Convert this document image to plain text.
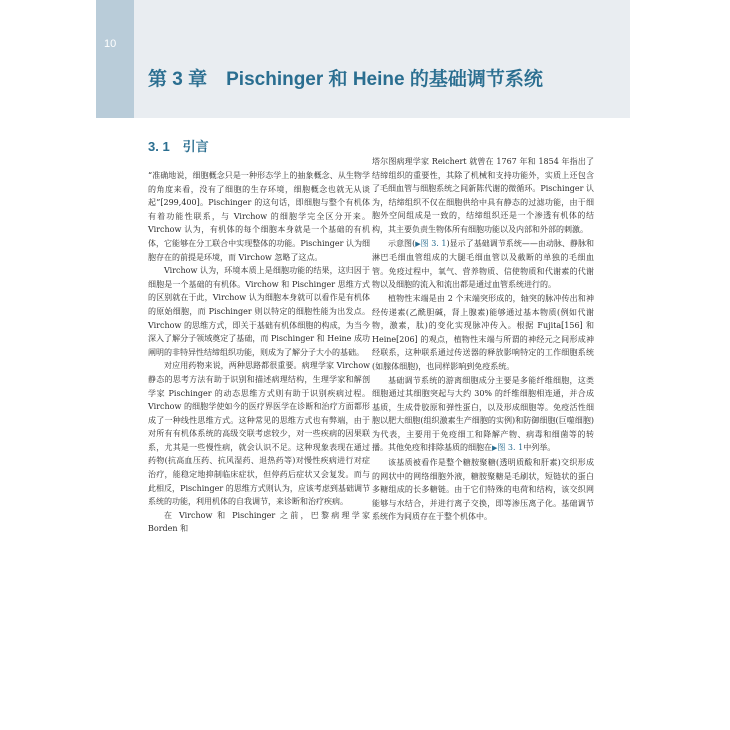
10
第 3 章　Pischinger 和 Heine 的基础调节系统
3. 1　引言

“准确地说，细胞概念只是一种形态学上的抽象概念、从生物学的角度来看，没有了细胞的生存环境，细胞概念也就无从谈起”[299,400]。Pischinger 的这句话，即细胞与整个有机体有着功能性联系，与 Virchow 的细胞学完全区分开来。Virchow 认为，有机体的每个细胞本身就是一个基础的有机体，它能够在分工联合中实现整体的功能。Pischinger 认为细胞存在的前提是环境，而 Virchow 忽略了这点。

Virchow 认为，环境本质上是细胞功能的结果，这归因于细胞是一个基础的有机体。Virchow 和 Pischinger 思维方式的区别就在于此，Virchow 认为细胞本身就可以看作是有机体的原始细胞，而 Pischinger 则以特定的细胞性能为出发点。Virchow 的思维方式，即关于基础有机体细胞的构成，为当今深入了解分子领域奠定了基础，而 Pischinger 和 Heine 成功阐明的非特异性结缔组织功能，则成为了解分子大小的基础。

对应用药物来说，两种思路都很重要。病理学家 Virchow 静态的思考方法有助于识别和描述病理结构，生理学家和解剖学家 Pischinger 的动态思维方式则有助于识别疾病过程。Virchow 的细胞学使如今的医疗界医学在诊断和治疗方面都形成了一种线性思维方式。这种常见的思维方式也有弊端，由于对所有有机体系统的高级交联考虑较少，对一些疾病的因果联系，尤其是一些慢性病，就会认识不足。这种现象表现在通过药物(抗高血压药、抗风湿药、退热药等)对慢性疾病进行对症治疗，能稳定地抑制临床症状，但停药后症状又会复发。而与此相反，Pischinger 的思维方式则认为，应该考虑到基础调节系统的功能，利用机体的自我调节，来诊断和治疗疾病。

在 Virchow 和 Pischinger 之前，巴黎病理学家 Borden 和

塔尔图病理学家 Reichert 就曾在 1767 年和 1854 年指出了结缔组织的重要性，其除了机械和支持功能外，实质上还包含了毛细血管与细胞系统之间新陈代谢的微循环。Pischinger 认为，结缔组织不仅在细胞供给中具有静态的过滤功能，由于细胞外空间组成是一致的，结缔组织还是一个渗透有机体的结构，其主要负责生物体所有细胞功能以及内部和外部的刺激。

示意图(▶图 3. 1)显示了基础调节系统——由动脉、静脉和淋巴毛细血管组成的大腿毛细血管以及截断的单独的毛细血管。免疫过程中，氧气、营养物质、信使物质和代谢素的代谢物以及细胞的流入和流出都是通过血管系统进行的。

植物性末端是由 2 个末端突形成的，轴突的脉冲传出和神经传递素(乙酰胆碱，肾上腺素)能够通过基本物质(例如代谢物，激素，肽)的变化实现脉冲传入。根据 Fujita[156] 和 Heine[206] 的观点，植物性末端与所谓的神经元之间形成神经联系，这种联系通过传送器的释放影响特定的工作细胞系统(如腺体细胞)，也同样影响到免疫系统。

基础调节系统的游离细胞成分主要是多能纤维细胞，这类细胞通过其细胞突起与大约 30% 的纤维细胞相连通，并合成基质，生成骨胶原和弹性蛋白，以及形成细胞等。免疫活性细胞以肥大细胞(组织激素生产细胞的实例)和防御细胞(巨噬细胞)为代表，主要用于免疫细工和降解产物、病毒和细菌等的转播。其他免疫和排除基质的细胞在▶图 3. 1中列举。

该基质被看作是整个糖胺聚糖(透明质酸和肝素)交织形成的网状中的网络细胞外液，糖胺聚糖是毛刷状，短链状的蛋白多糖组成的长多糖链。由于它们特殊的电荷和结构，该交织网能够与水结合，并进行离子交换，即等渗压离子化。基础调节系统作为间质存在于整个机体中。
